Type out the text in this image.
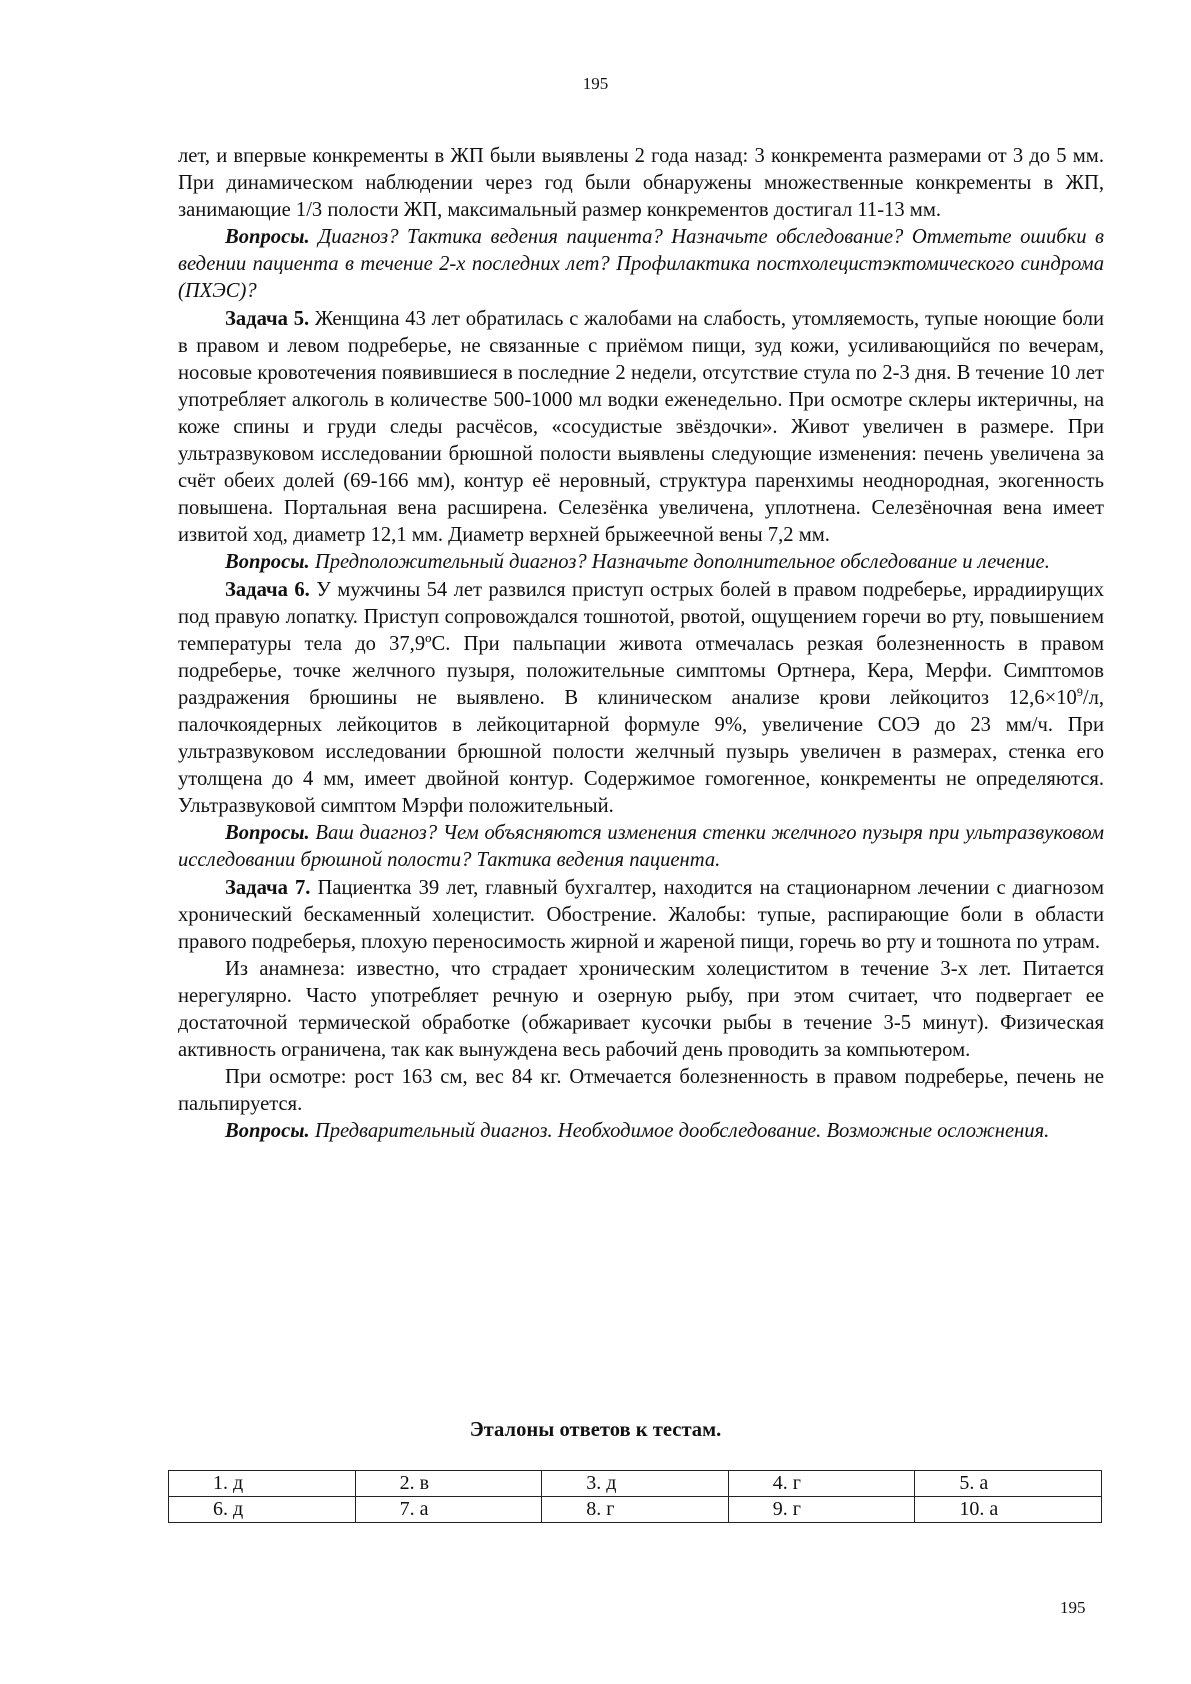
195

лет, и впервые конкременты в ЖП были выявлены 2 года назад: 3 конкремента размерами от 3 до 5 мм. При динамическом наблюдении через год были обнаружены множественные конкременты в ЖП, занимающие 1/3 полости ЖП, максимальный размер конкрементов достигал 11-13 мм.

Вопросы. Диагноз? Тактика ведения пациента? Назначьте обследование? Отметьте ошибки в ведении пациента в течение 2-х последних лет? Профилактика постхолецистэктомического синдрома (ПХЭС)?

Задача 5. Женщина 43 лет обратилась с жалобами на слабость, утомляемость, тупые ноющие боли в правом и левом подреберье, не связанные с приёмом пищи, зуд кожи, усиливающийся по вечерам, носовые кровотечения появившиеся в последние 2 недели, отсутствие стула по 2-3 дня. В течение 10 лет употребляет алкоголь в количестве 500-1000 мл водки еженедельно. При осмотре склеры иктеричны, на коже спины и груди следы расчёсов, «сосудистые звёздочки». Живот увеличен в размере. При ультразвуковом исследовании брюшной полости выявлены следующие изменения: печень увеличена за счёт обеих долей (69-166 мм), контур её неровный, структура паренхимы неоднородная, экогенность повышена. Портальная вена расширена. Селезёнка увеличена, уплотнена. Селезёночная вена имеет извитой ход, диаметр 12,1 мм. Диаметр верхней брыжеечной вены 7,2 мм.

Вопросы. Предположительный диагноз? Назначьте дополнительное обследование и лечение.

Задача 6. У мужчины 54 лет развился приступ острых болей в правом подреберье, иррадиирущих под правую лопатку. Приступ сопровождался тошнотой, рвотой, ощущением горечи во рту, повышением температуры тела до 37,9ºС. При пальпации живота отмечалась резкая болезненность в правом подреберье, точке желчного пузыря, положительные симптомы Ортнера, Кера, Мерфи. Симптомов раздражения брюшины не выявлено. В клиническом анализе крови лейкоцитоз $12,6\times 10^9/л$, палочкоядерных лейкоцитов в лейкоцитарной формуле 9%, увеличение СОЭ до 23 мм/ч. При ультразвуковом исследовании брюшной полости желчный пузырь увеличен в размерах, стенка его утолщена до 4 мм, имеет двойной контур. Содержимое гомогенное, конкременты не определяются. Ультразвуковой симптом Мэрфи положительный.

Вопросы. Ваш диагноз? Чем объясняются изменения стенки желчного пузыря при ультразвуковом исследовании брюшной полости? Тактика ведения пациента.

Задача 7. Пациентка 39 лет, главный бухгалтер, находится на стационарном лечении с диагнозом хронический бескаменный холецистит. Обострение. Жалобы: тупые, распирающие боли в области правого подреберья, плохую переносимость жирной и жареной пищи, горечь во рту и тошнота по утрам.

Из анамнеза: известно, что страдает хроническим холециститом в течение 3-х лет. Питается нерегулярно. Часто употребляет речную и озерную рыбу, при этом считает, что подвергает ее достаточной термической обработке (обжаривает кусочки рыбы в течение 3-5 минут). Физическая активность ограничена, так как вынуждена весь рабочий день проводить за компьютером.

При осмотре: рост 163 см, вес 84 кг. Отмечается болезненность в правом подреберье, печень не пальпируется.

Вопросы. Предварительный диагноз. Необходимое дообследование. Возможные осложнения.

Эталоны ответов к тестам.
1. д	2. в	3. д	4. г	5. а
6. д	7. а	8. г	9. г	10. а
195
